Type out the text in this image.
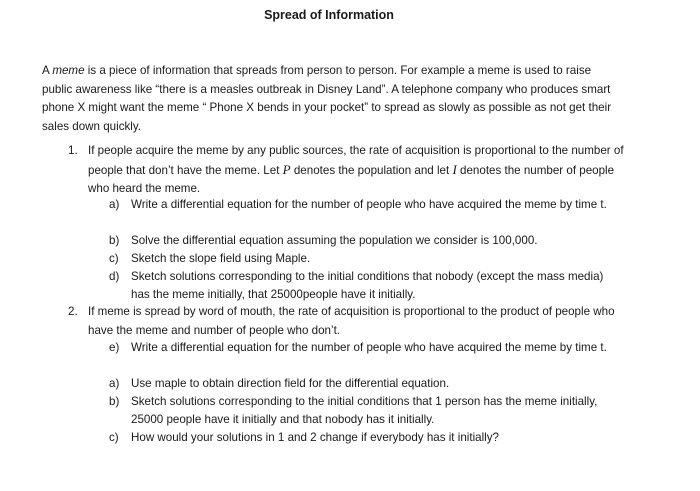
Spread of Information
A meme is a piece of information that spreads from person to person. For example a meme is used to raise public awareness like “there is a measles outbreak in Disney Land”. A telephone company who produces smart phone X might want the meme “ Phone X bends in your pocket” to spread as slowly as possible as not get their sales down quickly.
1. If people acquire the meme by any public sources, the rate of acquisition is proportional to the number of people that don’t have the meme. Let P denotes the population and let I denotes the number of people who heard the meme.
a) Write a differential equation for the number of people who have acquired the meme by time t.
b) Solve the differential equation assuming the population we consider is 100,000.
c) Sketch the slope field using Maple.
d) Sketch solutions corresponding to the initial conditions that nobody (except the mass media) has the meme initially, that 25000people have it initially.
2. If meme is spread by word of mouth, the rate of acquisition is proportional to the product of people who have the meme and number of people who don’t.
e) Write a differential equation for the number of people who have acquired the meme by time t.
a) Use maple to obtain direction field for the differential equation.
b) Sketch solutions corresponding to the initial conditions that 1 person has the meme initially, 25000 people have it initially and that nobody has it initially.
c) How would your solutions in 1 and 2 change if everybody has it initially?
